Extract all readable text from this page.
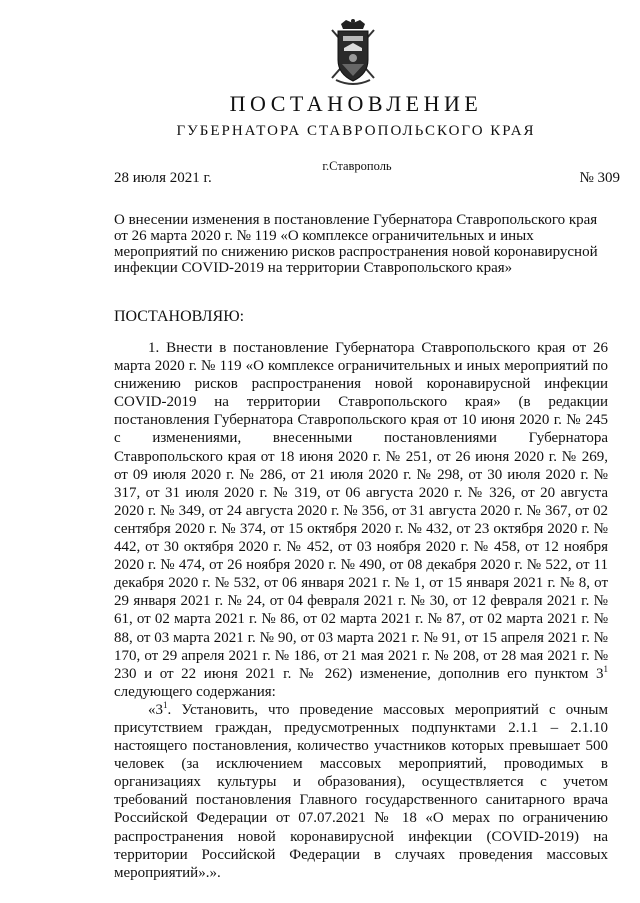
ПОСТАНОВЛЕНИЕ
ГУБЕРНАТОРА СТАВРОПОЛЬСКОГО КРАЯ
г.Ставрополь
28 июля 2021 г.	№ 309
О внесении изменения в постановление Губернатора Ставропольского края от 26 марта 2020 г. № 119 «О комплексе ограничительных и иных мероприятий по снижению рисков распространения новой коронавирусной инфекции COVID-2019 на территории Ставропольского края»
ПОСТАНОВЛЯЮ:

1. Внести в постановление Губернатора Ставропольского края от 26 марта 2020 г. № 119 «О комплексе ограничительных и иных мероприятий по снижению рисков распространения новой коронавирусной инфекции COVID-2019 на территории Ставропольского края» (в редакции постановления Губернатора Ставропольского края от 10 июня 2020 г. № 245 с изменениями, внесенными постановлениями Губернатора Ставропольского края от 18 июня 2020 г. № 251, от 26 июня 2020 г. № 269, от 09 июля 2020 г. № 286, от 21 июля 2020 г. № 298, от 30 июля 2020 г. № 317, от 31 июля 2020 г. № 319, от 06 августа 2020 г. № 326, от 20 августа 2020 г. № 349, от 24 августа 2020 г. № 356, от 31 августа 2020 г. № 367, от 02 сентября 2020 г. № 374, от 15 октября 2020 г. № 432, от 23 октября 2020 г. № 442, от 30 октября 2020 г. № 452, от 03 ноября 2020 г. № 458, от 12 ноября 2020 г. № 474, от 26 ноября 2020 г. № 490, от 08 декабря 2020 г. № 522, от 11 декабря 2020 г. № 532, от 06 января 2021 г. № 1, от 15 января 2021 г. № 8, от 29 января 2021 г. № 24, от 04 февраля 2021 г. № 30, от 12 февраля 2021 г. № 61, от 02 марта 2021 г. № 86, от 02 марта 2021 г. № 87, от 02 марта 2021 г. № 88, от 03 марта 2021 г. № 90, от 03 марта 2021 г. № 91, от 15 апреля 2021 г. № 170, от 29 апреля 2021 г. № 186, от 21 мая 2021 г. № 208, от 28 мая 2021 г. № 230 и от 22 июня 2021 г. № 262) изменение, дополнив его пунктом $3^1$ следующего содержания:

«$3^1$. Установить, что проведение массовых мероприятий с очным присутствием граждан, предусмотренных подпунктами 2.1.1 – 2.1.10 настоящего постановления, количество участников которых превышает 500 человек (за исключением массовых мероприятий, проводимых в организациях культуры и образования), осуществляется с учетом требований постановления Главного государственного санитарного врача Российской Федерации от 07.07.2021 № 18 «О мерах по ограничению распространения новой коронавирусной инфекции (COVID-2019) на территории Российской Федерации в случаях проведения массовых мероприятий».».
